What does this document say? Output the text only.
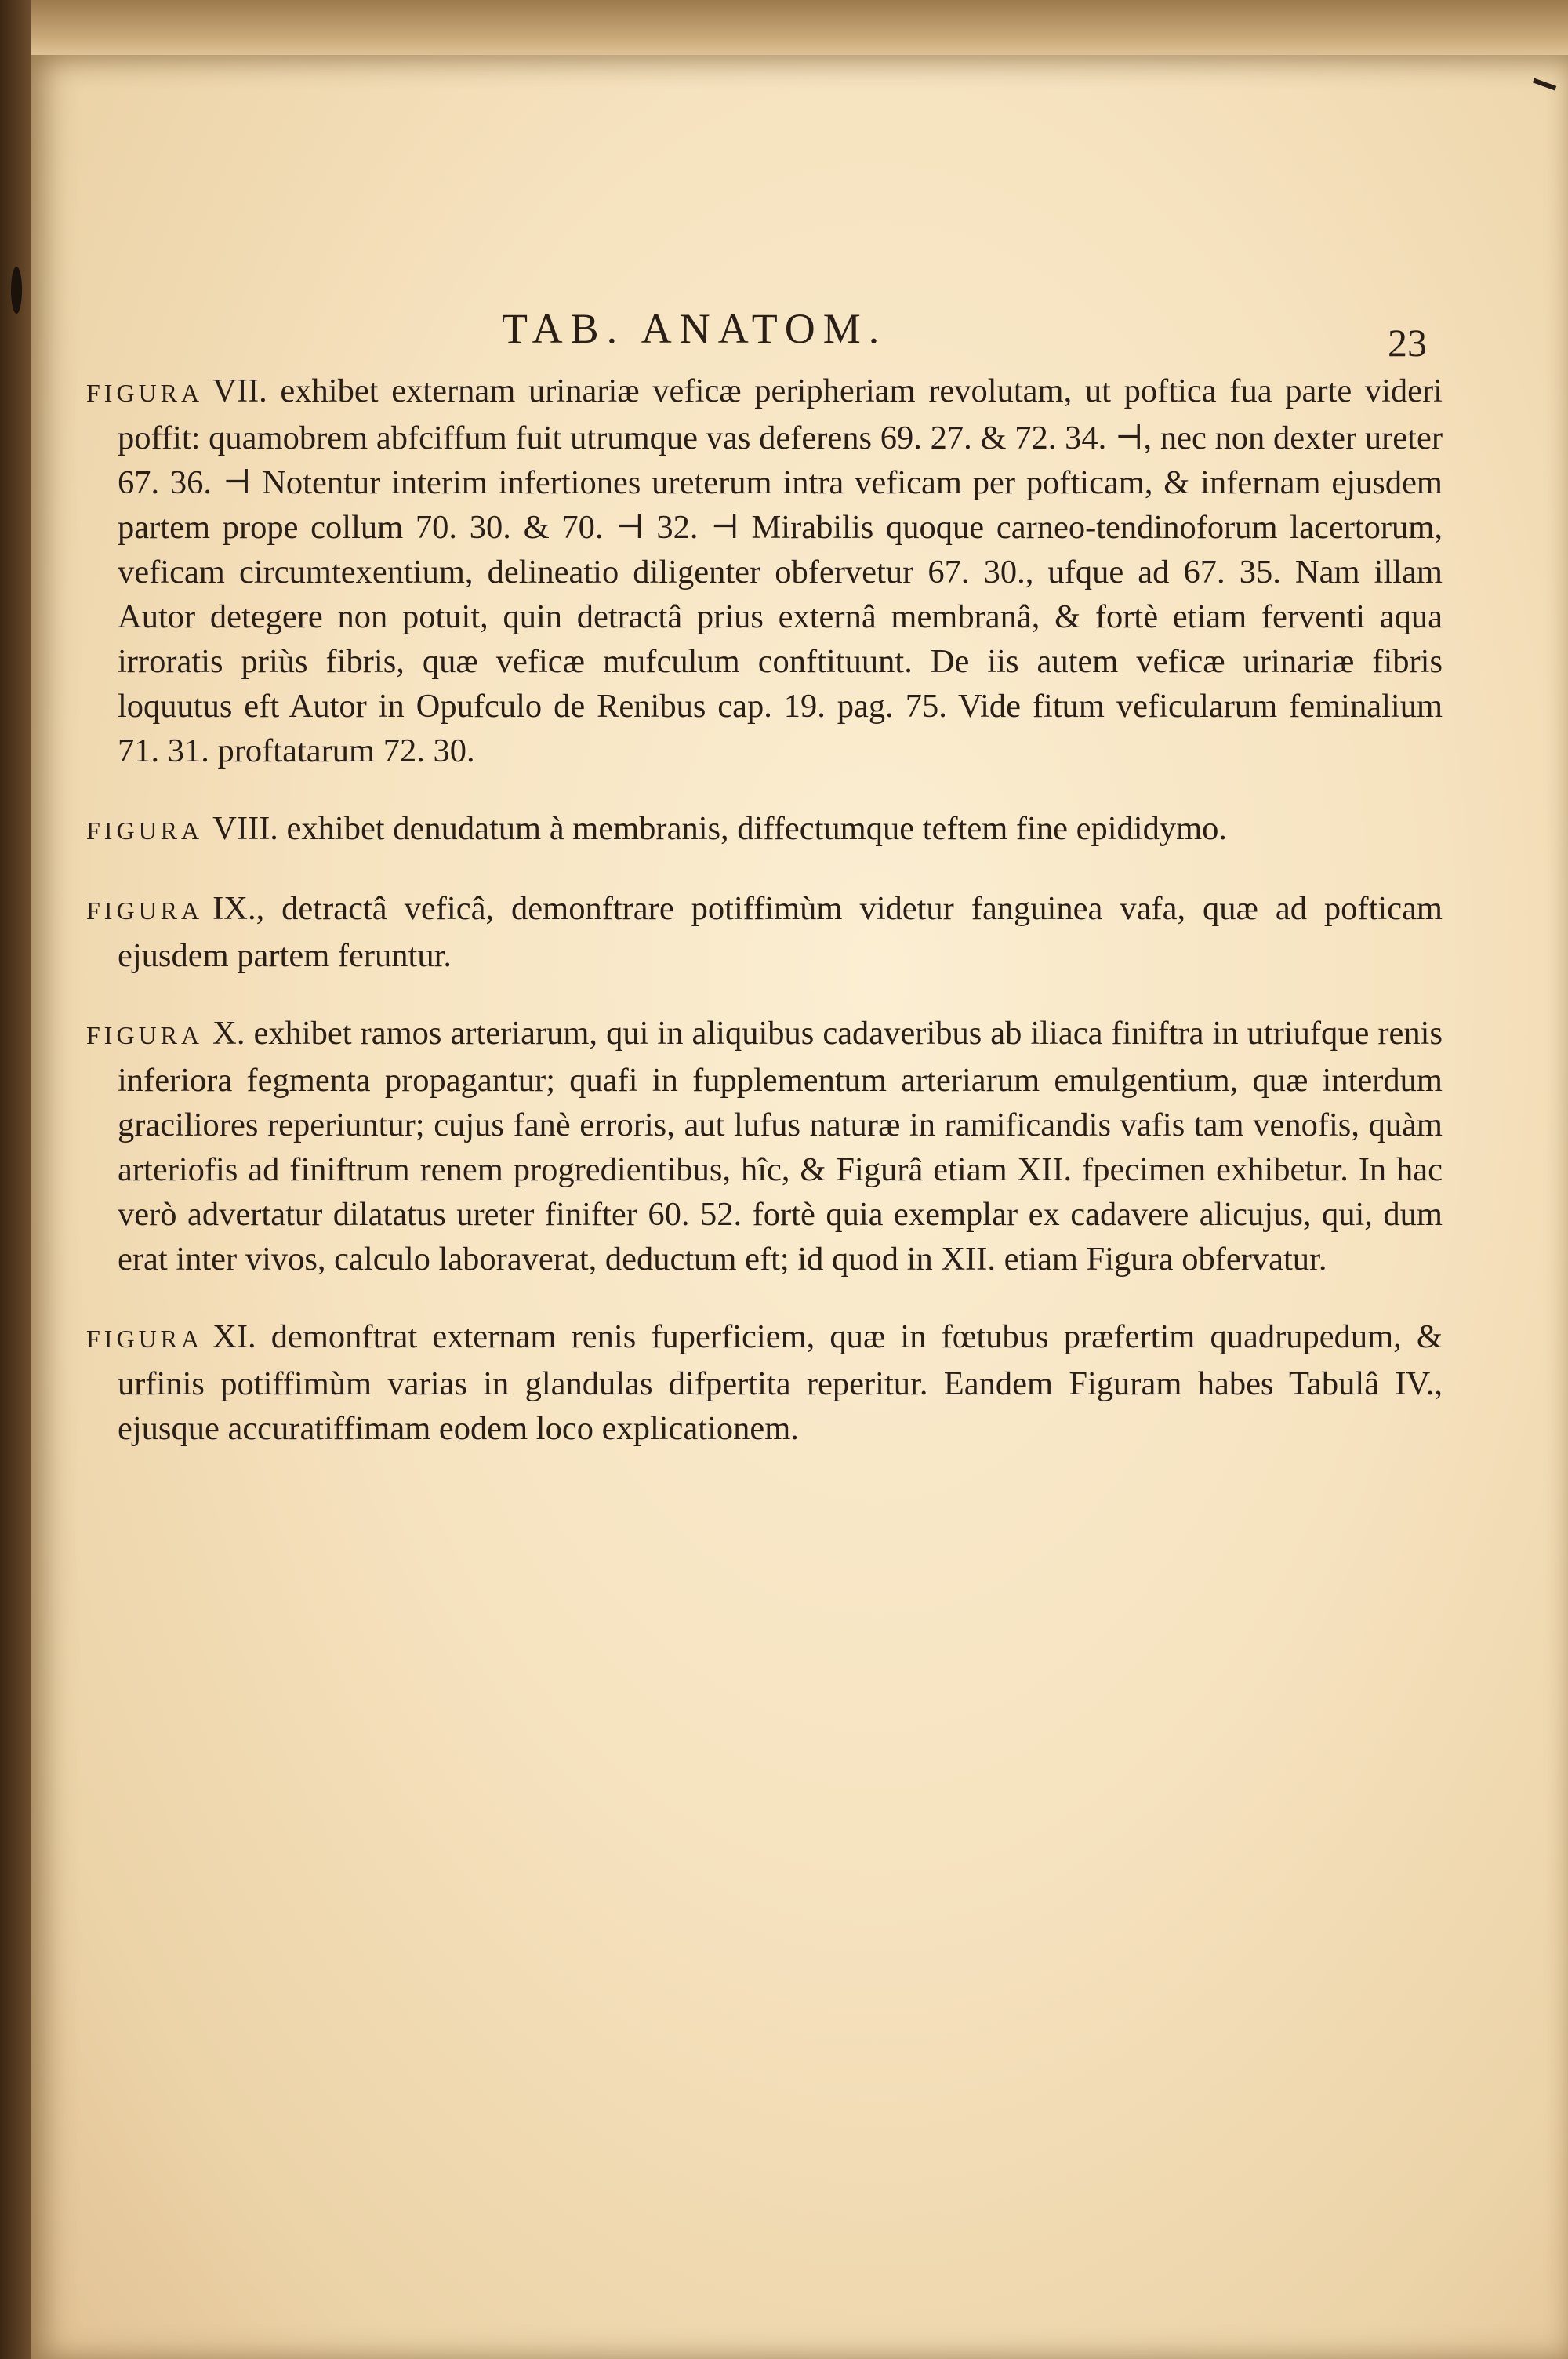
TAB. ANATOM.	23

FIGURA VII. exhibet externam urinariæ veficæ peripheriam revolutam, ut poftica fua parte videri poffit: quamobrem abfciffum fuit utrumque vas deferens 69. 27. & 72. 34. ⊣, nec non dexter ureter 67. 36. ⊣ Notentur interim infertiones ureterum intra veficam per pofticam, & infernam ejusdem partem prope collum 70. 30. & 70. ⊣ 32. ⊣ Mirabilis quoque carneo-tendinoforum lacertorum, veficam circumtexentium, delineatio diligenter obfervetur 67. 30., ufque ad 67. 35. Nam illam Autor detegere non potuit, quin detractâ prius externâ membranâ, & fortè etiam ferventi aqua irroratis priùs fibris, quæ veficæ mufculum conftituunt. De iis autem veficæ urinariæ fibris loquutus eft Autor in Opufculo de Renibus cap. 19. pag. 75. Vide fitum veficularum feminalium 71. 31. proftatarum 72. 30.

FIGURA VIII. exhibet denudatum à membranis, diffectumque teftem fine epididymo.

FIGURA IX., detractâ veficâ, demonftrare potiffimùm videtur fanguinea vafa, quæ ad pofticam ejusdem partem feruntur.

FIGURA X. exhibet ramos arteriarum, qui in aliquibus cadaveribus ab iliaca finiftra in utriufque renis inferiora fegmenta propagantur; quafi in fupplementum arteriarum emulgentium, quæ interdum graciliores reperiuntur; cujus fanè erroris, aut lufus naturæ in ramificandis vafis tam venofis, quàm arteriofis ad finiftrum renem progredientibus, hîc, & Figurâ etiam XII. fpecimen exhibetur. In hac verò advertatur dilatatus ureter finifter 60. 52. fortè quia exemplar ex cadavere alicujus, qui, dum erat inter vivos, calculo laboraverat, deductum eft; id quod in XII. etiam Figura obfervatur.

FIGURA XI. demonftrat externam renis fuperficiem, quæ in fœtubus præfertim quadrupedum, & urfinis potiffimùm varias in glandulas difpertita reperitur. Eandem Figuram habes Tabulâ IV., ejusque accuratiffimam eodem loco explicationem.
